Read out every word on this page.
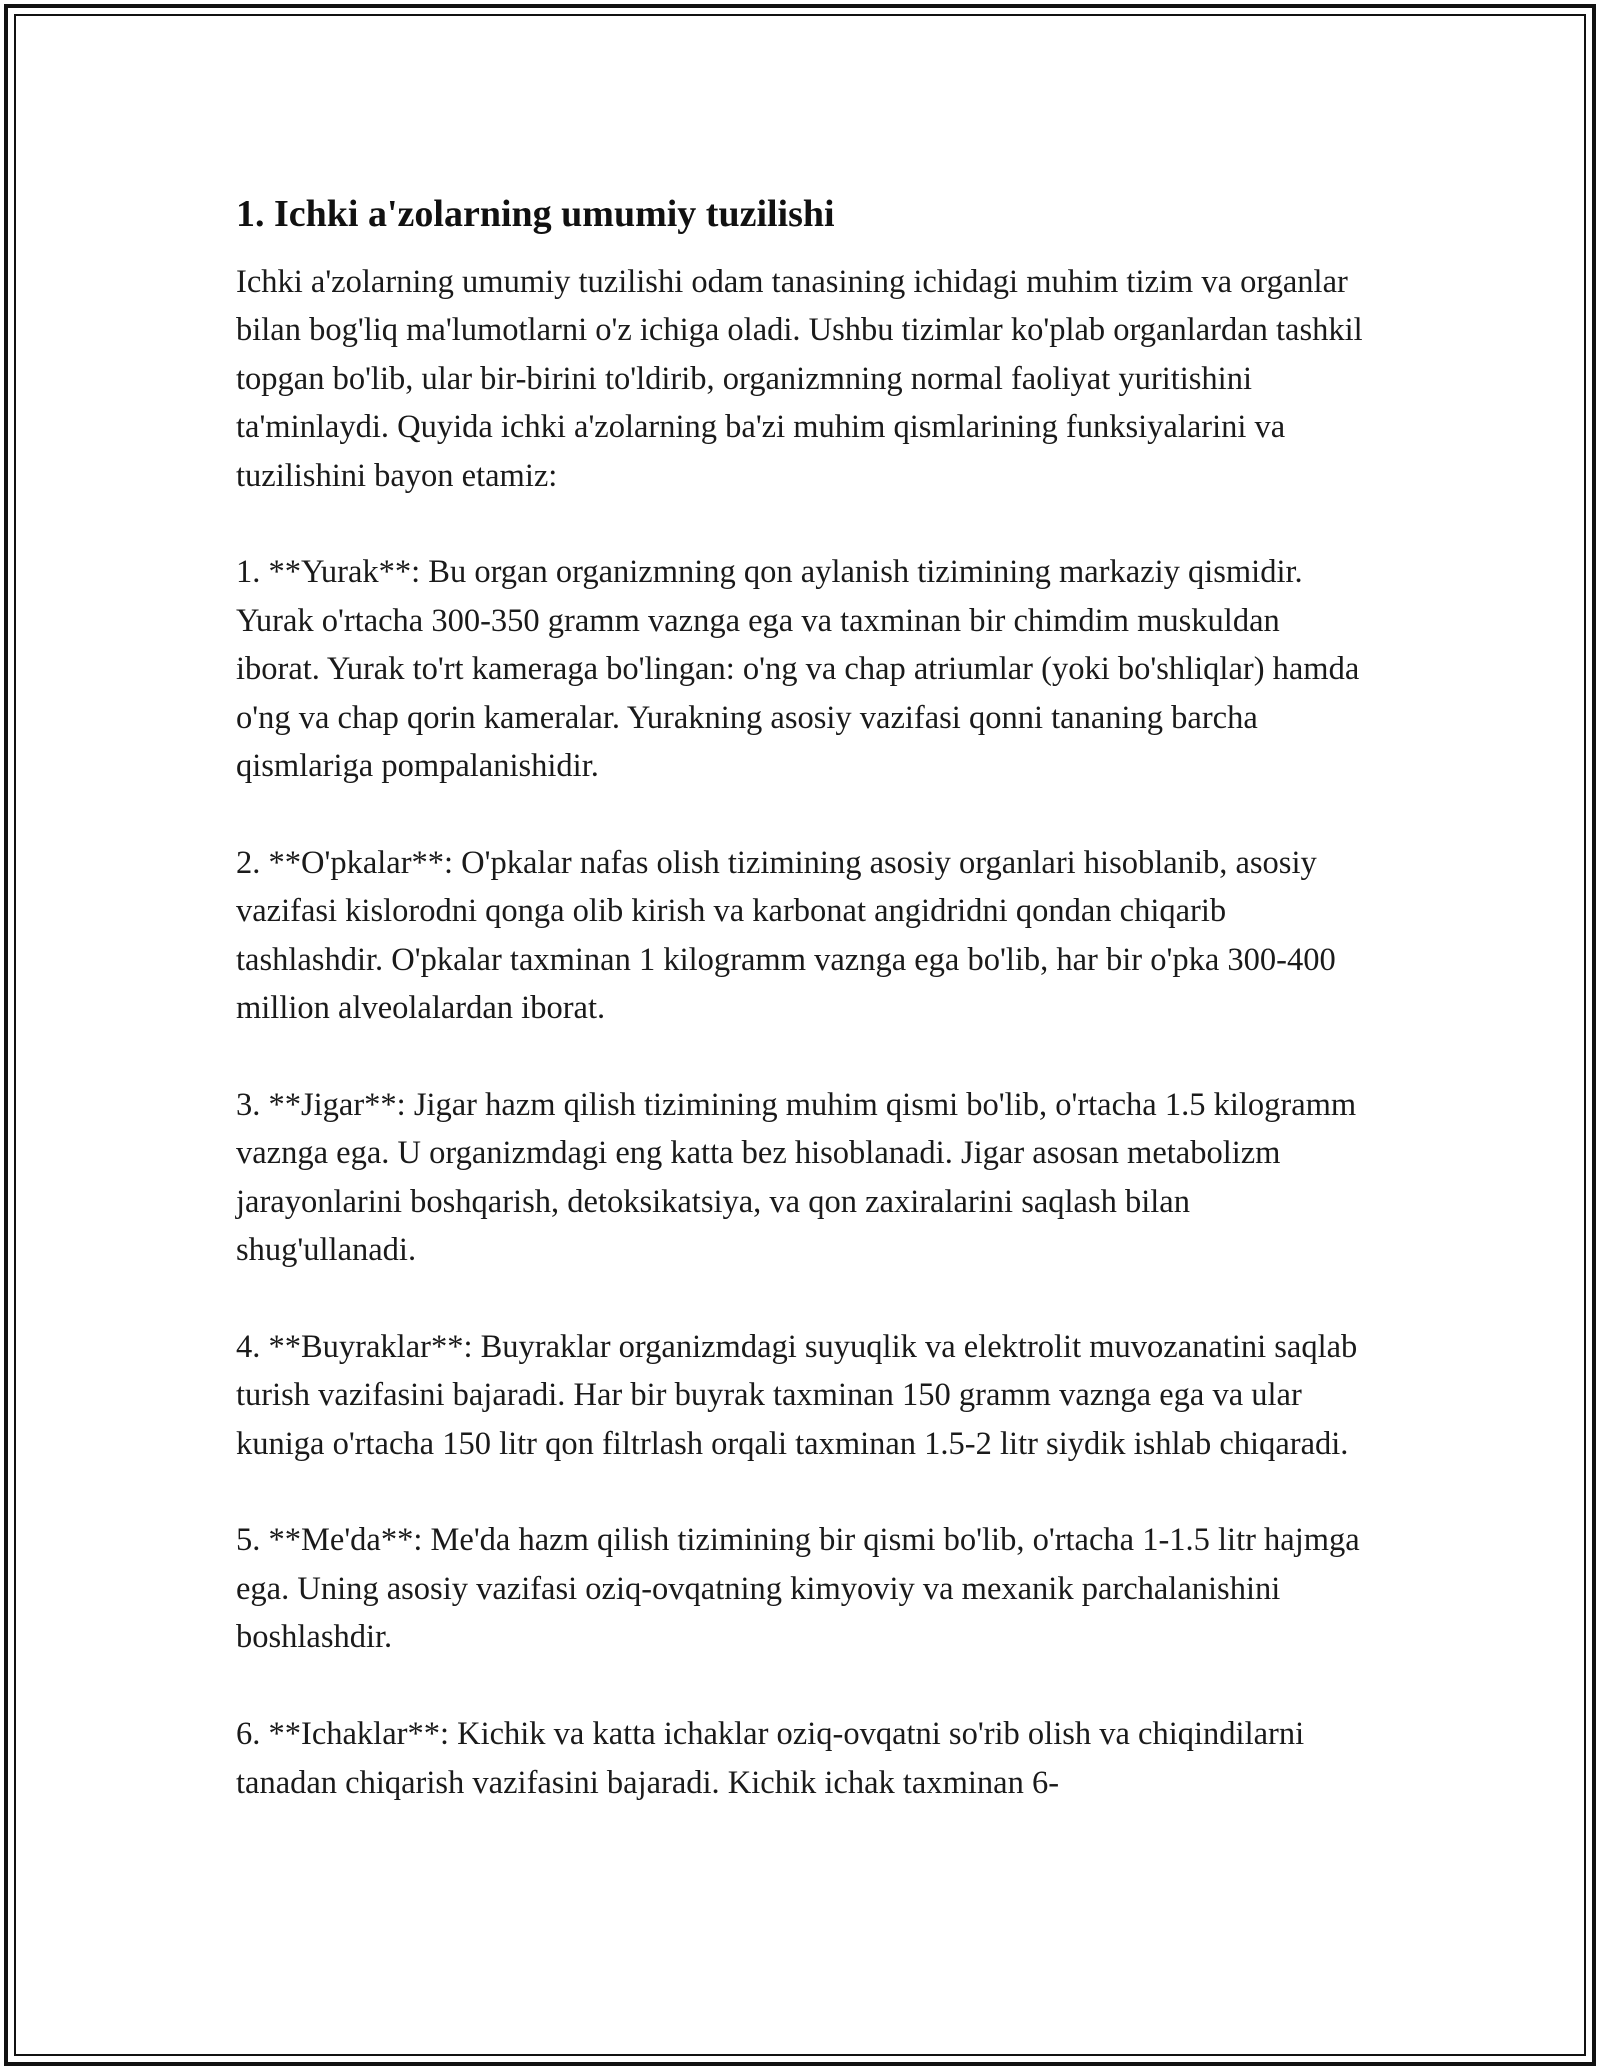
1. Ichki a'zolarning umumiy tuzilishi

Ichki a'zolarning umumiy tuzilishi odam tanasining ichidagi muhim tizim va organlar bilan bog'liq ma'lumotlarni o'z ichiga oladi. Ushbu tizimlar ko'plab organlardan tashkil topgan bo'lib, ular bir-birini to'ldirib, organizmning normal faoliyat yuritishini ta'minlaydi. Quyida ichki a'zolarning ba'zi muhim qismlarining funksiyalarini va tuzilishini bayon etamiz:

1. **Yurak**: Bu organ organizmning qon aylanish tizimining markaziy qismidir. Yurak o'rtacha 300-350 gramm vaznga ega va taxminan bir chimdim muskuldan iborat. Yurak to'rt kameraga bo'lingan: o'ng va chap atriumlar (yoki bo'shliqlar) hamda o'ng va chap qorin kameralar. Yurakning asosiy vazifasi qonni tananing barcha qismlariga pompalanishidir.

2. **O'pkalar**: O'pkalar nafas olish tizimining asosiy organlari hisoblanib, asosiy vazifasi kislorodni qonga olib kirish va karbonat angidridni qondan chiqarib tashlashdir. O'pkalar taxminan 1 kilogramm vaznga ega bo'lib, har bir o'pka 300-400 million alveolalardan iborat.

3. **Jigar**: Jigar hazm qilish tizimining muhim qismi bo'lib, o'rtacha 1.5 kilogramm vaznga ega. U organizmdagi eng katta bez hisoblanadi. Jigar asosan metabolizm jarayonlarini boshqarish, detoksikatsiya, va qon zaxiralarini saqlash bilan shug'ullanadi.

4. **Buyraklar**: Buyraklar organizmdagi suyuqlik va elektrolit muvozanatini saqlab turish vazifasini bajaradi. Har bir buyrak taxminan 150 gramm vaznga ega va ular kuniga o'rtacha 150 litr qon filtrlash orqali taxminan 1.5-2 litr siydik ishlab chiqaradi.

5. **Me'da**: Me'da hazm qilish tizimining bir qismi bo'lib, o'rtacha 1-1.5 litr hajmga ega. Uning asosiy vazifasi oziq-ovqatning kimyoviy va mexanik parchalanishini boshlashdir.

6. **Ichaklar**: Kichik va katta ichaklar oziq-ovqatni so'rib olish va chiqindilarni tanadan chiqarish vazifasini bajaradi. Kichik ichak taxminan 6-
